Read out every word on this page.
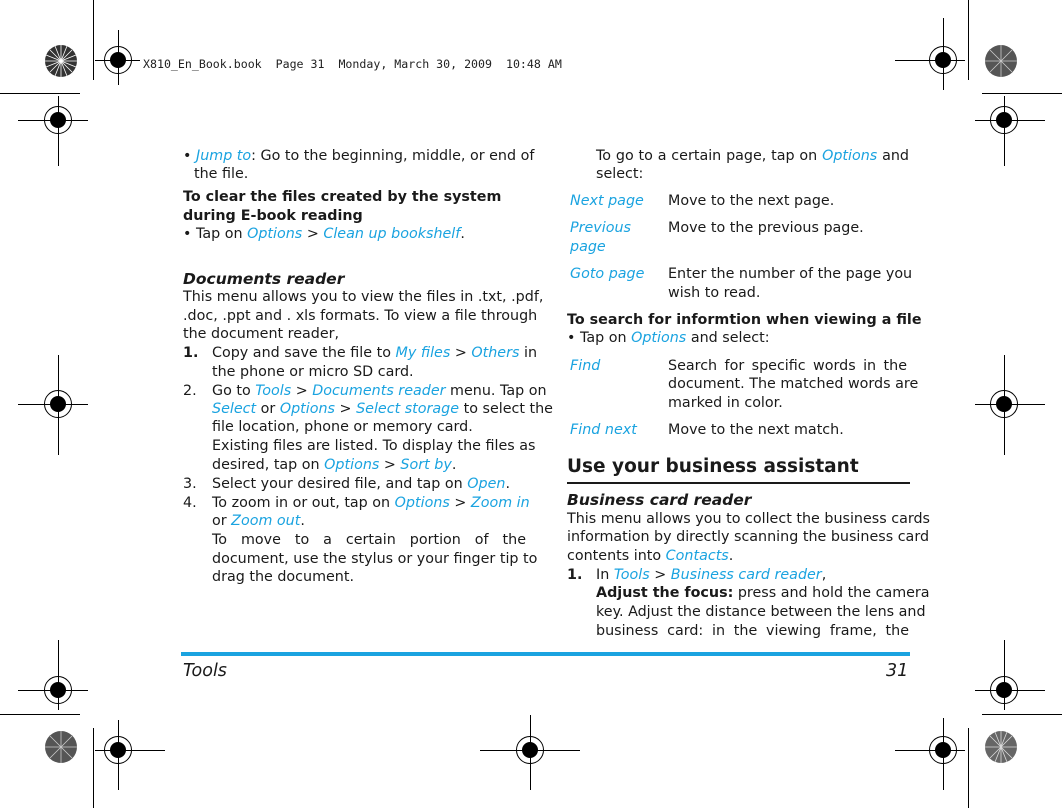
X810_En_Book.book  Page 31  Monday, March 30, 2009  10:48 AM
• Jump to: Go to the beginning, middle, or end of
the file.
To clear the files created by the system
during E-book reading
• Tap on Options > Clean up bookshelf.
Documents reader
This menu allows you to view the files in .txt, .pdf,
.doc, .ppt and . xls formats. To view a file through
the document reader,
1. Copy and save the file to My files > Others in
the phone or micro SD card.
2. Go to Tools > Documents reader menu. Tap on
Select or Options > Select storage to select the
file location, phone or memory card.
Existing files are listed. To display the files as
desired, tap on Options > Sort by.
3. Select your desired file, and tap on Open.
4. To zoom in or out, tap on Options > Zoom in
or Zoom out.
To move to a certain portion of the
document, use the stylus or your finger tip to
drag the document.
To go to a certain page, tap on Options and
select:
Next page Move to the next page.
Previous
page
Move to the previous page.
Goto page Enter the number of the page you
wish to read.
To search for informtion when viewing a file
• Tap on Options and select:
Find	Search for specific words in the
document. The matched words are
marked in color.
Find next Move to the next match.
Use your business assistant
Business card reader
This menu allows you to collect the business cards
information by directly scanning the business card
contents into Contacts.
1. In Tools > Business card reader,
Adjust the focus: press and hold the camera
key. Adjust the distance between the lens and
business card: in the viewing frame, the
Tools	31
